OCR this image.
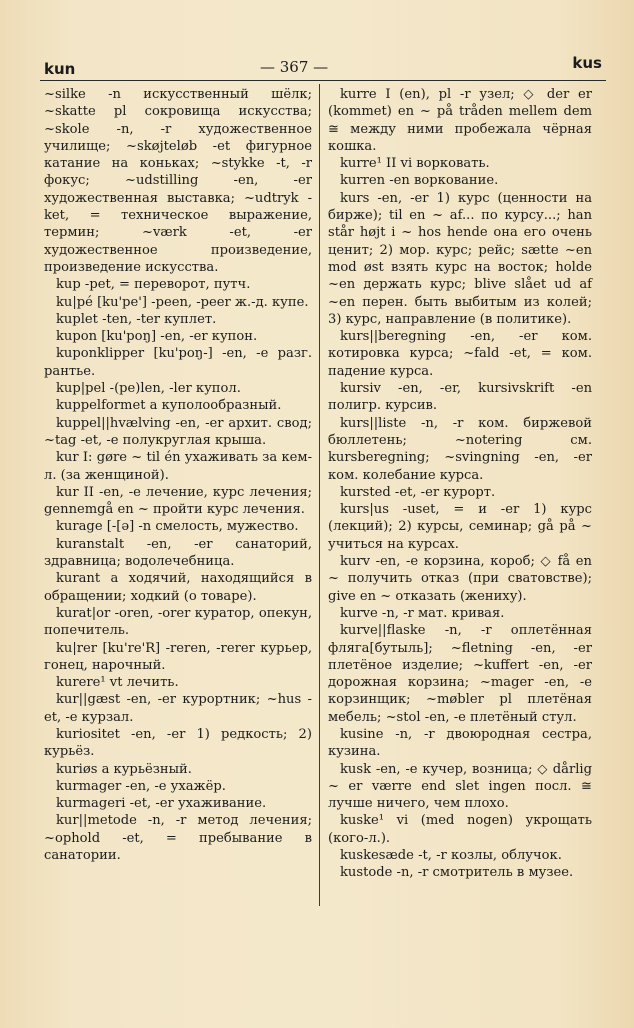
kun	— 367 —	kus

~silke -n искусственный шёлк; ~skatte pl сокровища искусства; ~skole -n, -r художественное училище; ~skøjteløb -et фигурное катание на коньках; ~stykke -t, -r фокус; ~udstilling -en, -er художественная выставка; ~udtryk -ket, = техническое выражение, термин; ~værk -et, -er художественное произведение, произведение искусства.

kup -pet, = переворот, путч.

ku|pé [ku'pe'] -peen, -peer ж.-д. купе.

kuplet -ten, -ter куплет.

kupon [ku'poŋ] -en, -er купон.

kuponklipper [ku'poŋ-] -en, -e разг. рантье.

kup|pel -(pe)len, -ler купол.

kuppelformet a куполообразный.

kuppel||hvælving -en, -er архит. свод; ~tag -et, -e полукруглая крыша.

kur I: gøre ~ til én ухаживать за кем-л. (за женщиной).

kur II -en, -e лечение, курс лечения; gennemgå en ~ пройти курс лечения.

kurage [-[ə] -n смелость, мужество.

kuranstalt -en, -er санаторий, здравница; водолечебница.

kurant a ходячий, находящийся в обращении; ходкий (о товаре).

kurat|or -oren, -orer куратор, опекун, попечитель.

ku|rer [ku're'R] -reren, -rerer курьер, гонец, нарочный.

kurere¹ vt лечить.

kur||gæst -en, -er курортник; ~hus -et, -e курзал.

kuriositet -en, -er 1) редкость; 2) курьёз.

kuriøs a курьёзный.

kurmager -en, -e ухажёр.

kurmageri -et, -er ухаживание.

kur||metode -n, -r метод лечения; ~ophold -et, = пребывание в санатории.

kurre I (en), pl -r узел; ◇ der er (kommet) en ~ på tråden mellem dem ≅ между ними пробежала чёрная кошка.

kurre¹ II vi ворковать.

kurren -en воркование.

kurs -en, -er 1) курс (ценности на бирже); til en ~ af... по курсу...; han står højt i ~ hos hende она его очень ценит; 2) мор. курс; рейс; sætte ~en mod øst взять курс на восток; holde ~en держать курс; blive slået ud af ~en перен. быть выбитым из колей; 3) курс, направление (в политике).

kurs||beregning -en, -er ком. котировка курса; ~fald -et, = ком. падение курса.

kursiv -en, -er, kursivskrift -en полигр. курсив.

kurs||liste -n, -r ком. биржевой бюллетень; ~notering см. kursberegning; ~svingning -en, -er ком. колебание курса.

kursted -et, -er курорт.

kurs|us -uset, = и -er 1) курс (лекций); 2) курсы, семинар; gå på ~ учиться на курсах.

kurv -en, -e корзина, короб; ◇ få en ~ получить отказ (при сватовстве); give en ~ отказать (жениху).

kurve -n, -r мат. кривая.

kurve||flaske -n, -r оплетённая фляга[бутыль]; ~fletning -en, -er плетёное изделие; ~kuffert -en, -er дорожная корзина; ~mager -en, -e корзинщик; ~møbler pl плетёная мебель; ~stol -en, -e плетёный стул.

kusine -n, -r двоюродная сестра, кузина.

kusk -en, -e кучер, возница; ◇ dårlig ~ er værre end slet ingen посл. ≅ лучше ничего, чем плохо.

kuske¹ vi (med nogen) укрощать (кого-л.).

kuskesæde -t, -r козлы, облучок.

kustode -n, -r смотритель в музее.
